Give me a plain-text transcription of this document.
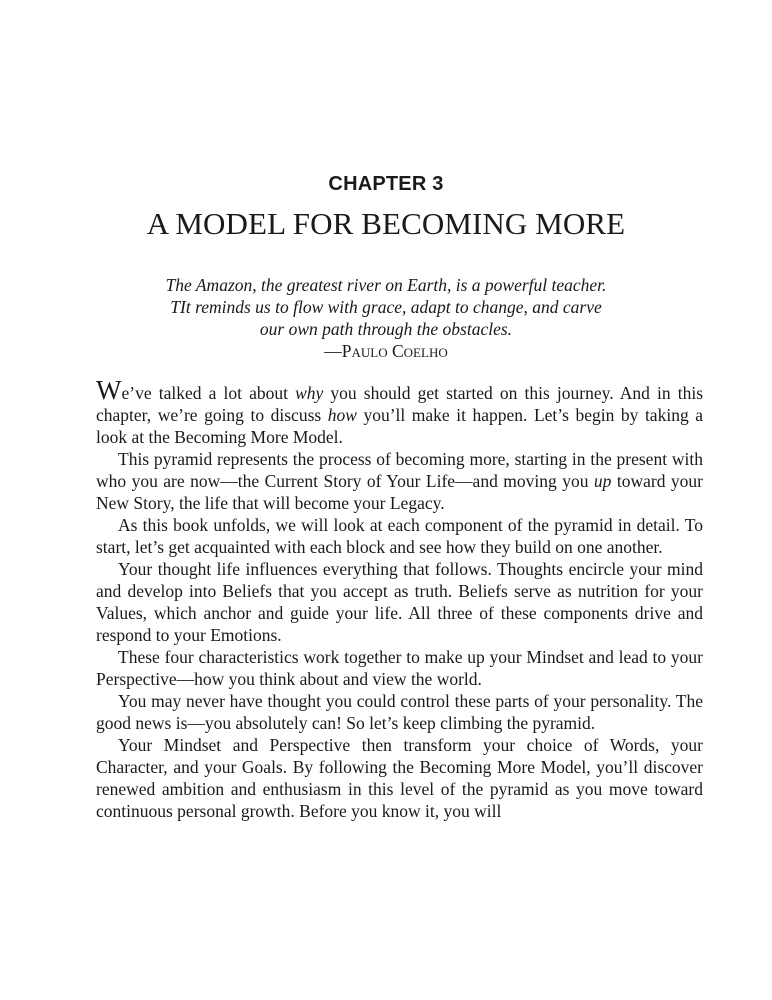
CHAPTER 3
A MODEL FOR BECOMING MORE
The Amazon, the greatest river on Earth, is a powerful teacher.
TIt reminds us to flow with grace, adapt to change, and carve
our own path through the obstacles.
—PAULO COELHO

We’ve talked a lot about why you should get started on this journey. And in this chapter, we’re going to discuss how you’ll make it happen. Let’s begin by taking a look at the Becoming More Model.

This pyramid represents the process of becoming more, starting in the present with who you are now—the Current Story of Your Life—and moving you up toward your New Story, the life that will become your Legacy.

As this book unfolds, we will look at each component of the pyramid in detail. To start, let’s get acquainted with each block and see how they build on one another.

Your thought life influences everything that follows. Thoughts encircle your mind and develop into Beliefs that you accept as truth. Beliefs serve as nutrition for your Values, which anchor and guide your life. All three of these components drive and respond to your Emotions.

These four characteristics work together to make up your Mindset and lead to your Perspective—how you think about and view the world.

You may never have thought you could control these parts of your personality. The good news is—you absolutely can! So let’s keep climbing the pyramid.

Your Mindset and Perspective then transform your choice of Words, your Character, and your Goals. By following the Becoming More Model, you’ll discover renewed ambition and enthusiasm in this level of the pyramid as you move toward continuous personal growth. Before you know it, you will
